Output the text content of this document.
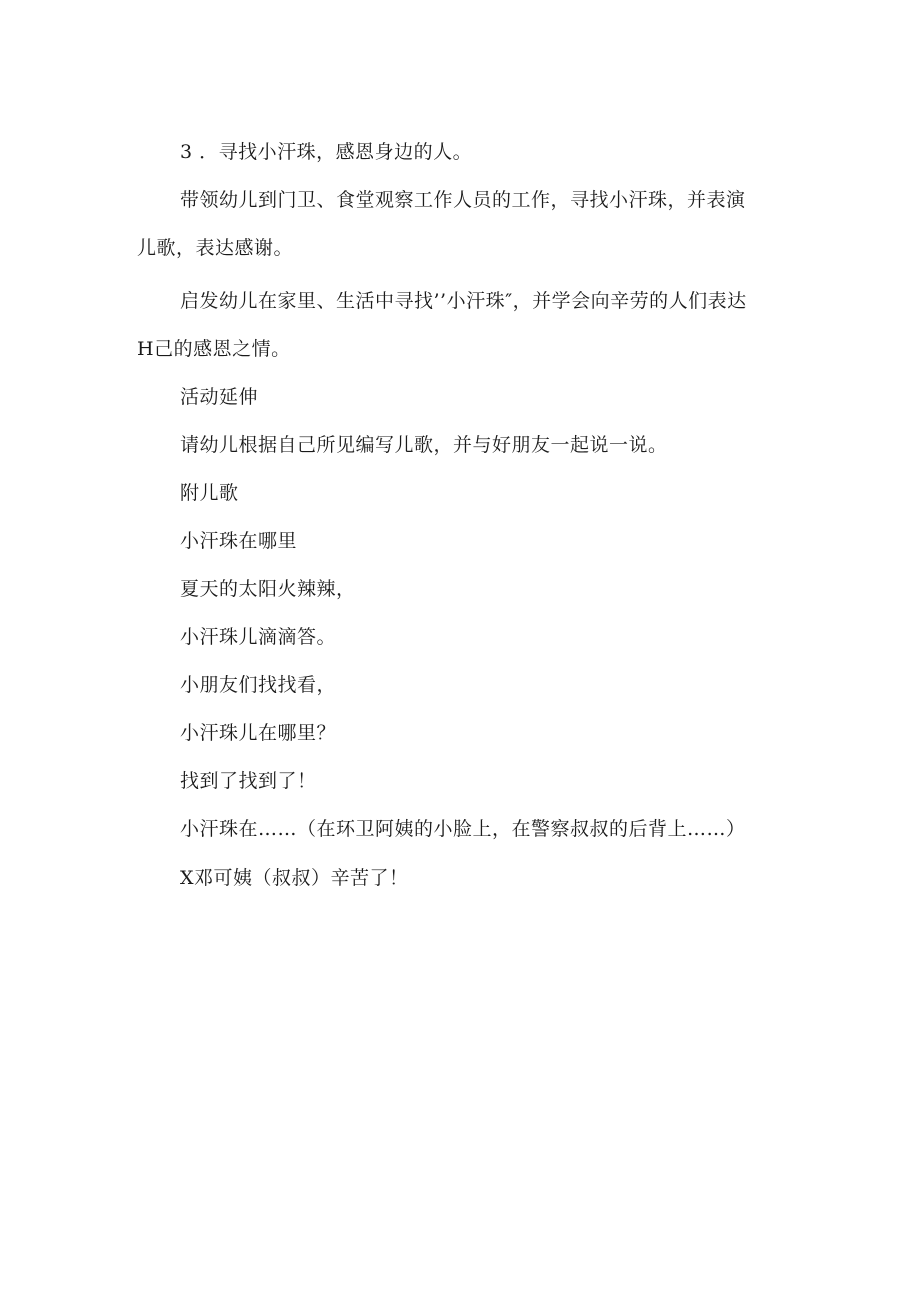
3 ．寻找小汗珠，感恩身边的人。
带领幼儿到门卫、食堂观察工作人员的工作，寻找小汗珠，并表演
儿歌，表达感谢。
启发幼儿在家里、生活中寻找’’小汗珠″，并学会向辛劳的人们表达
H己的感恩之情。
活动延伸
请幼儿根据自己所见编写儿歌，并与好朋友一起说一说。
附儿歌
小汗珠在哪里
夏天的太阳火辣辣，
小汗珠儿滴滴答。
小朋友们找找看，
小汗珠儿在哪里？
找到了找到了！
小汗珠在……（在环卫阿姨的小脸上，在警察叔叔的后背上……）
X邓可姨（叔叔）辛苦了！
